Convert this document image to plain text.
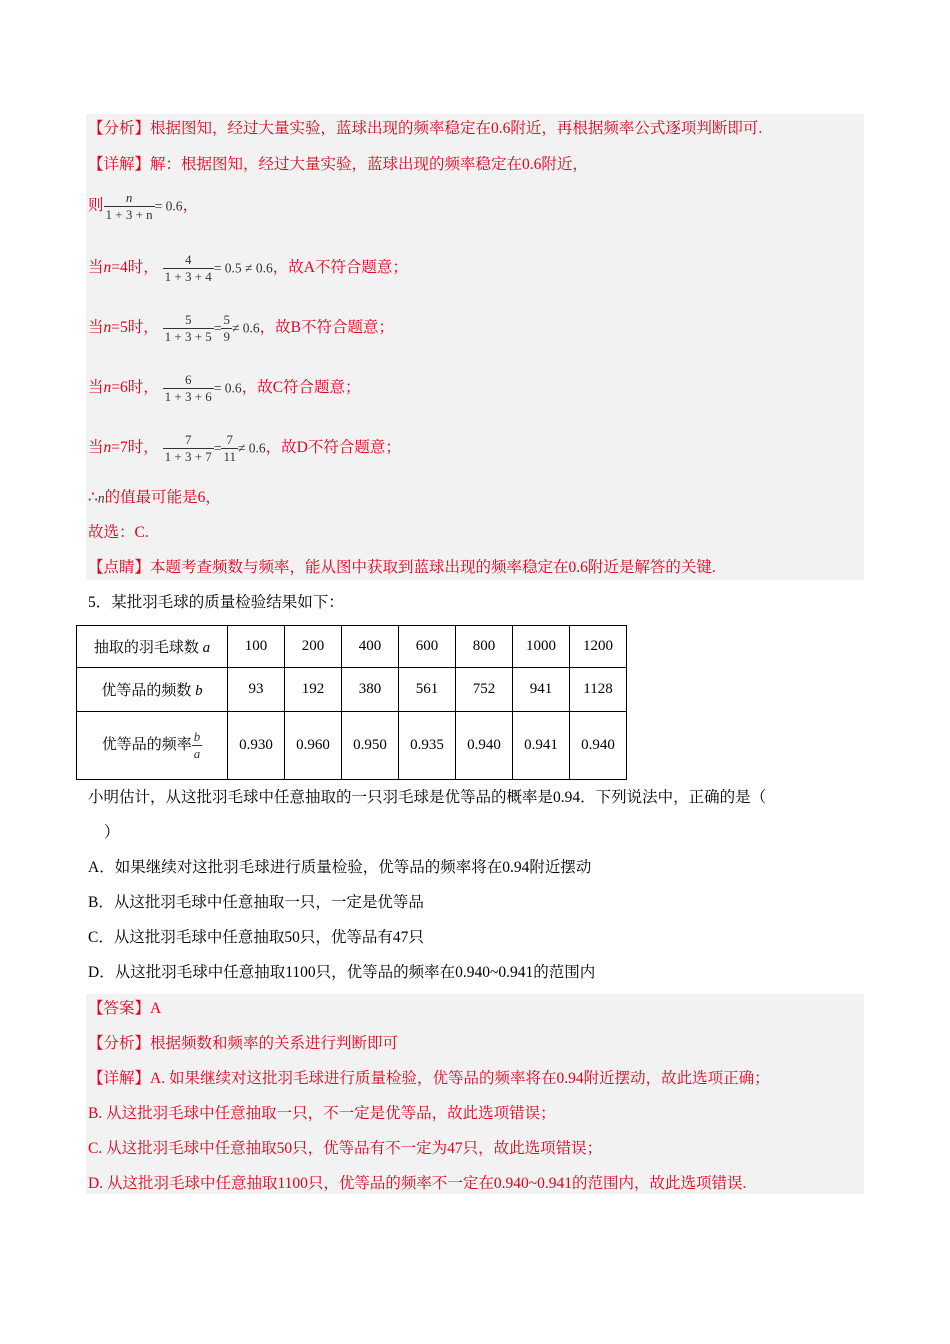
【分析】根据图知，经过大量实验，蓝球出现的频率稳定在0.6附近，再根据频率公式逐项判断即可.
【详解】解：根据图知，经过大量实验，蓝球出现的频率稳定在0.6附近，
则 $\frac{n}{1 + 3 + n} = 0.6$，
当n=4时， $\frac{4}{1 + 3 + 4} = 0.5 \ne 0.6$，故A不符合题意；
当n=5时， $\frac{5}{1 + 3 + 5} = \frac{5}{9} \ne 0.6$，故B不符合题意；
当n=6时， $\frac{6}{1 + 3 + 6} = 0.6$，故C符合题意；
当n=7时， $\frac{7}{1 + 3 + 7} = \frac{7}{11} \ne 0.6$，故D不符合题意；
∴n的值最可能是6，
故选：C.
【点睛】本题考查频数与频率，能从图中获取到蓝球出现的频率稳定在0.6附近是解答的关键.
5．某批羽毛球的质量检验结果如下：
抽取的羽毛球数 a	100	200	400	600	800	1000	1200
优等品的频数 b	93	192	380	561	752	941	1128
优等品的频率 $\frac{b}{a}$	0.930	0.960	0.950	0.935	0.940	0.941	0.940
小明估计，从这批羽毛球中任意抽取的一只羽毛球是优等品的概率是0.94．下列说法中，正确的是（
）
A．如果继续对这批羽毛球进行质量检验，优等品的频率将在0.94附近摆动
B．从这批羽毛球中任意抽取一只，一定是优等品
C．从这批羽毛球中任意抽取50只，优等品有47只
D．从这批羽毛球中任意抽取1100只，优等品的频率在0.940~0.941的范围内
【答案】A
【分析】根据频数和频率的关系进行判断即可
【详解】A. 如果继续对这批羽毛球进行质量检验，优等品的频率将在0.94附近摆动，故此选项正确；
B. 从这批羽毛球中任意抽取一只，不一定是优等品，故此选项错误；
C. 从这批羽毛球中任意抽取50只，优等品有不一定为47只，故此选项错误；
D. 从这批羽毛球中任意抽取1100只，优等品的频率不一定在0.940~0.941的范围内，故此选项错误.
